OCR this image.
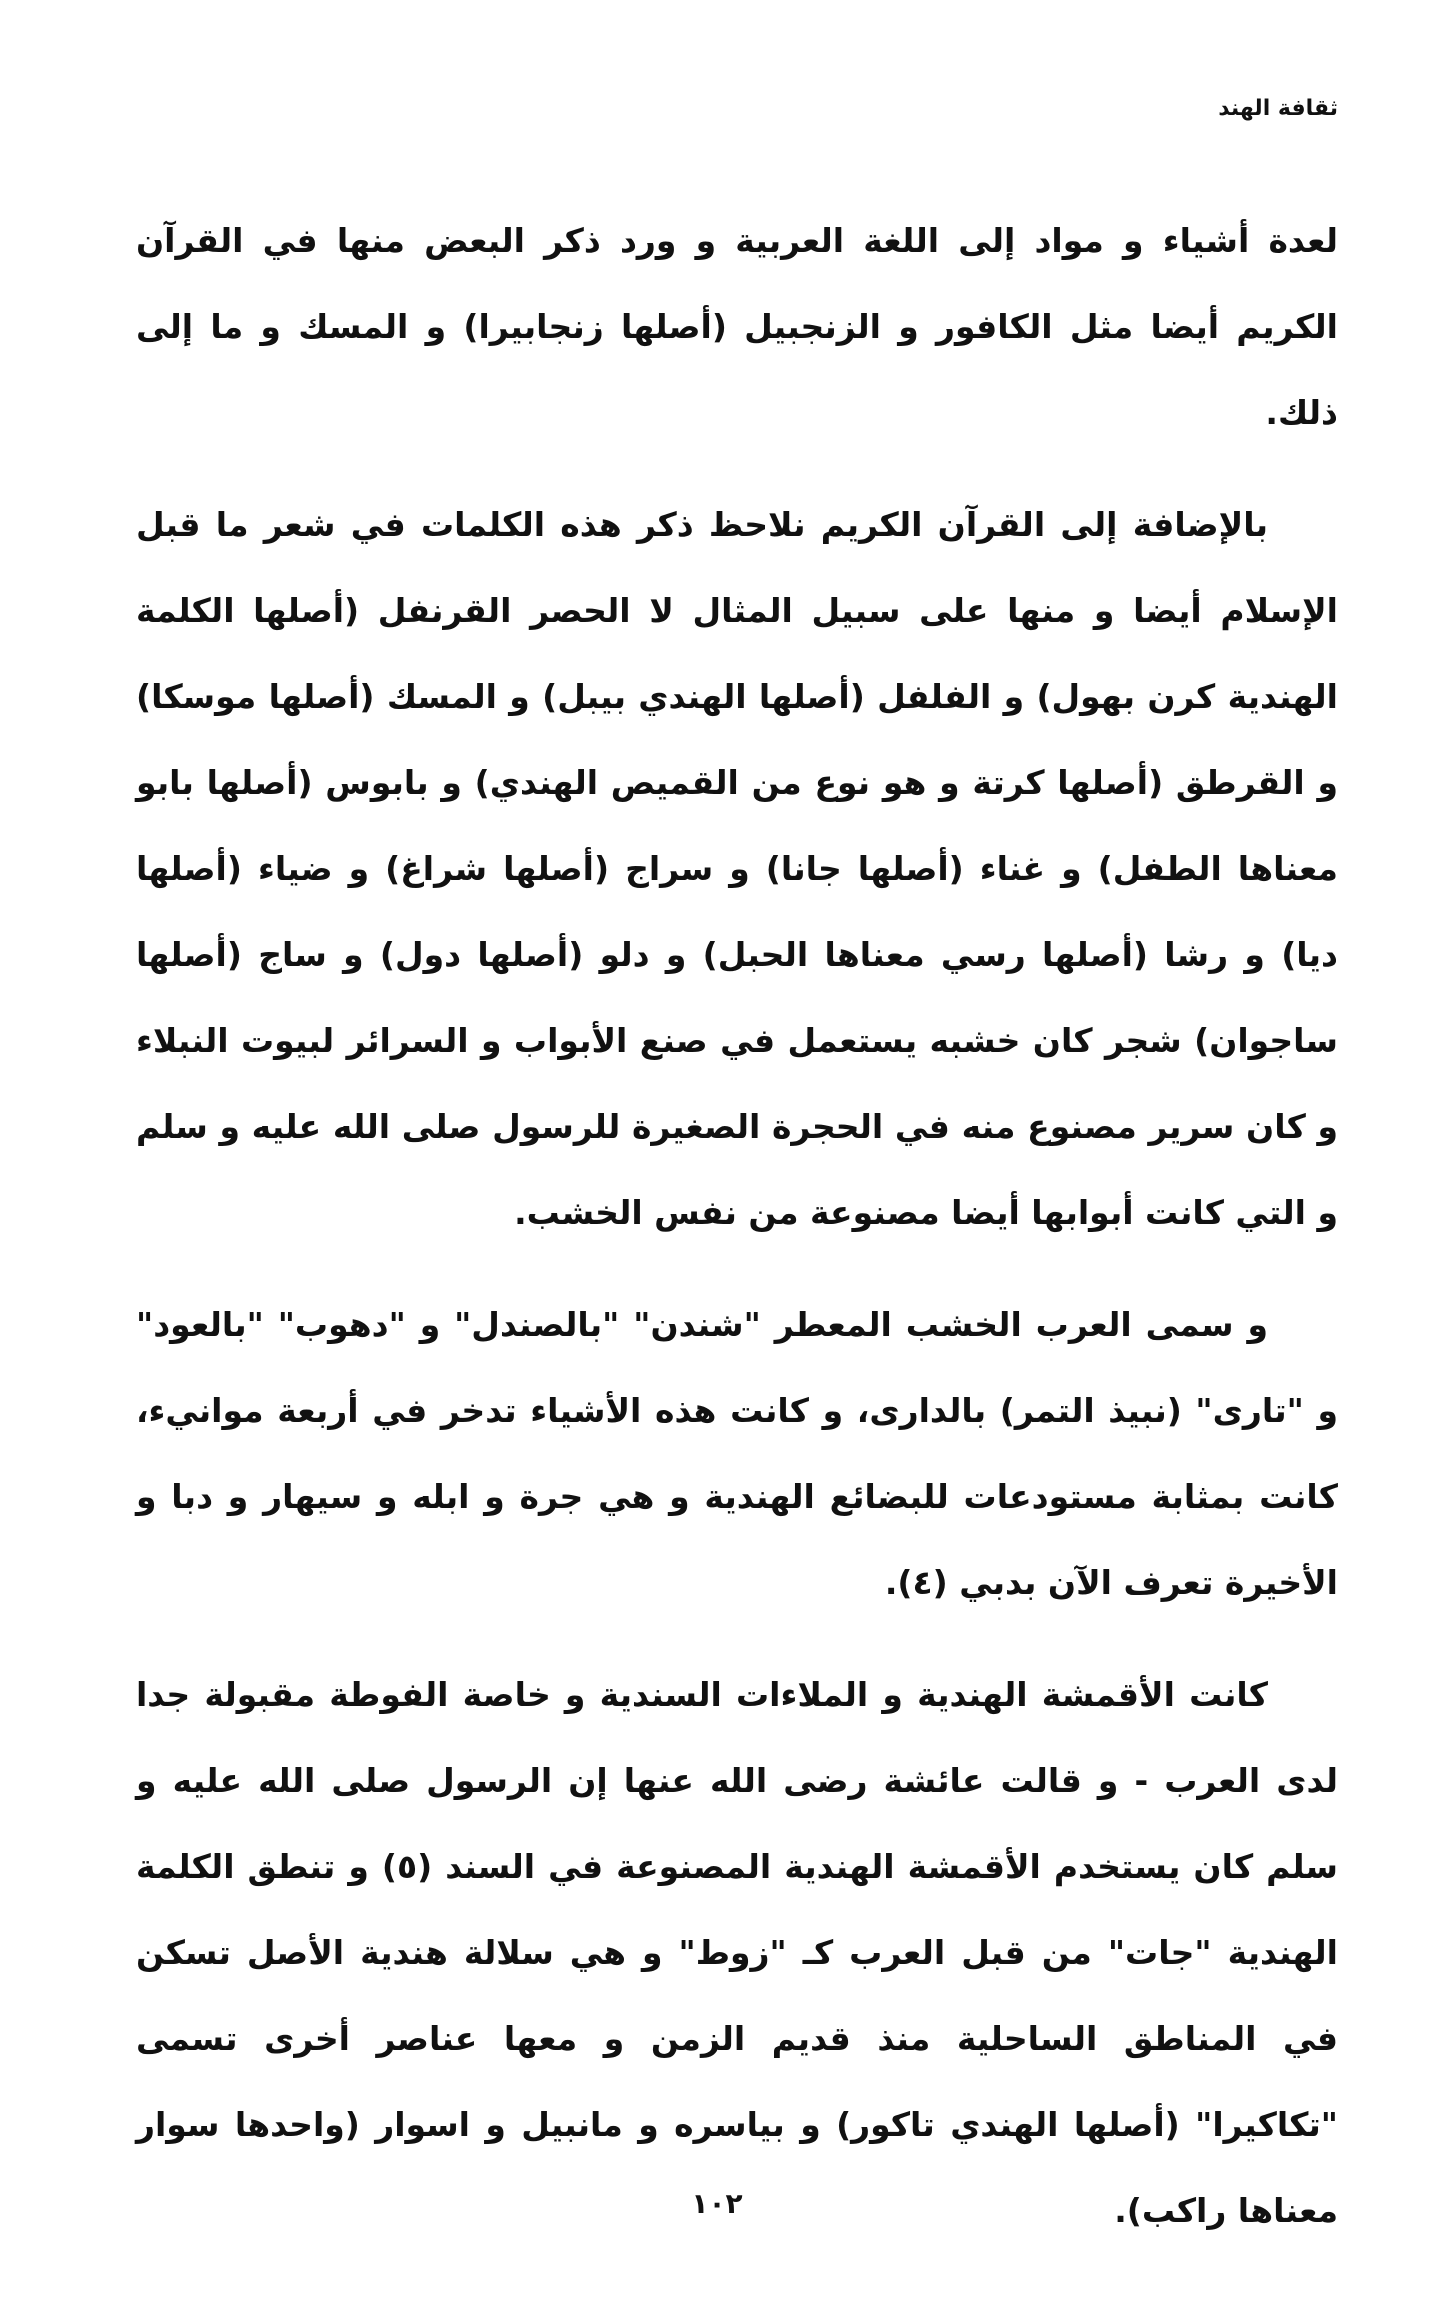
ثقافة الهند

لعدة أشياء و مواد إلى اللغة العربية و ورد ذكر البعض منها في القرآن الكريم أيضا مثل الكافور و الزنجبيل (أصلها زنجابيرا) و المسك و ما إلى ذلك.

بالإضافة إلى القرآن الكريم نلاحظ ذكر هذه الكلمات في شعر ما قبل الإسلام أيضا و منها على سبيل المثال لا الحصر القرنفل (أصلها الكلمة الهندية كرن بهول) و الفلفل (أصلها الهندي بيبل) و المسك (أصلها موسكا) و القرطق (أصلها كرتة و هو نوع من القميص الهندي) و بابوس (أصلها بابو معناها الطفل) و غناء (أصلها جانا) و سراج (أصلها شراغ) و ضياء (أصلها ديا) و رشا (أصلها رسي معناها الحبل) و دلو (أصلها دول) و ساج (أصلها ساجوان) شجر كان خشبه يستعمل في صنع الأبواب و السرائر لبيوت النبلاء و كان سرير مصنوع منه في الحجرة الصغيرة للرسول صلى الله عليه و سلم و التي كانت أبوابها أيضا مصنوعة من نفس الخشب.

و سمى العرب الخشب المعطر "شندن" "بالصندل" و "دهوب" "بالعود" و "تارى" (نبيذ التمر) بالدارى، و كانت هذه الأشياء تدخر في أربعة موانيء، كانت بمثابة مستودعات للبضائع الهندية و هي جرة و ابله و سيهار و دبا و الأخيرة تعرف الآن بدبي (٤).

كانت الأقمشة الهندية و الملاءات السندية و خاصة الفوطة مقبولة جدا لدى العرب - و قالت عائشة رضى الله عنها إن الرسول صلى الله عليه و سلم كان يستخدم الأقمشة الهندية المصنوعة في السند (٥) و تنطق الكلمة الهندية "جات" من قبل العرب كـ "زوط" و هي سلالة هندية الأصل تسكن في المناطق الساحلية منذ قديم الزمن و معها عناصر أخرى تسمى "تكاكيرا" (أصلها الهندي تاكور) و بياسره و مانبيل و اسوار (واحدها سوار معناها راكب).

١٠٢
